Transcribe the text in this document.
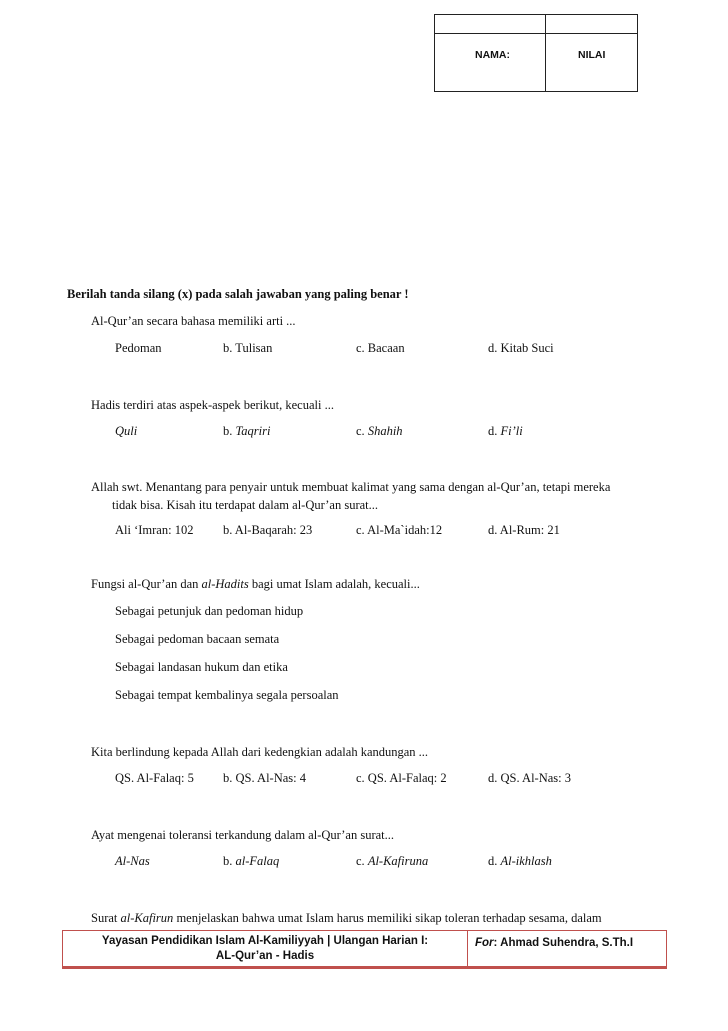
NAMA:	NILAI
Berilah tanda silang (x) pada salah jawaban yang paling benar !
Al-Qur’an secara bahasa memiliki arti ...
Pedoman	b. Tulisan	c. Bacaan	d. Kitab Suci
Hadis terdiri atas aspek-aspek berikut, kecuali ...
Quli	b. Taqriri	c. Shahih	d. Fi’li
Allah swt. Menantang para penyair untuk membuat kalimat yang sama dengan al-Qur’an, tetapi mereka
tidak bisa. Kisah itu terdapat dalam al-Qur’an surat...
Ali ‘Imran: 102 b. Al-Baqarah: 23	c. Al-Ma`idah:12	d. Al-Rum: 21
Fungsi al-Qur’an dan al-Hadits bagi umat Islam adalah, kecuali...
Sebagai petunjuk dan pedoman hidup
Sebagai pedoman bacaan semata
Sebagai landasan hukum dan etika
Sebagai tempat kembalinya segala persoalan
Kita berlindung kepada Allah dari kedengkian adalah kandungan ...
QS. Al-Falaq: 5 b. QS. Al-Nas: 4	c. QS. Al-Falaq: 2	d. QS. Al-Nas: 3
Ayat mengenai toleransi terkandung dalam al-Qur’an surat...
Al-Nas	b. al-Falaq	c. Al-Kafiruna	d. Al-ikhlash
Surat al-Kafirun menjelaskan bahwa umat Islam harus memiliki sikap toleran terhadap sesama, dalam
Yayasan Pendidikan Islam Al-Kamiliyyah | Ulangan Harian I:
AL-Qur’an - Hadis
For: Ahmad Suhendra, S.Th.I
